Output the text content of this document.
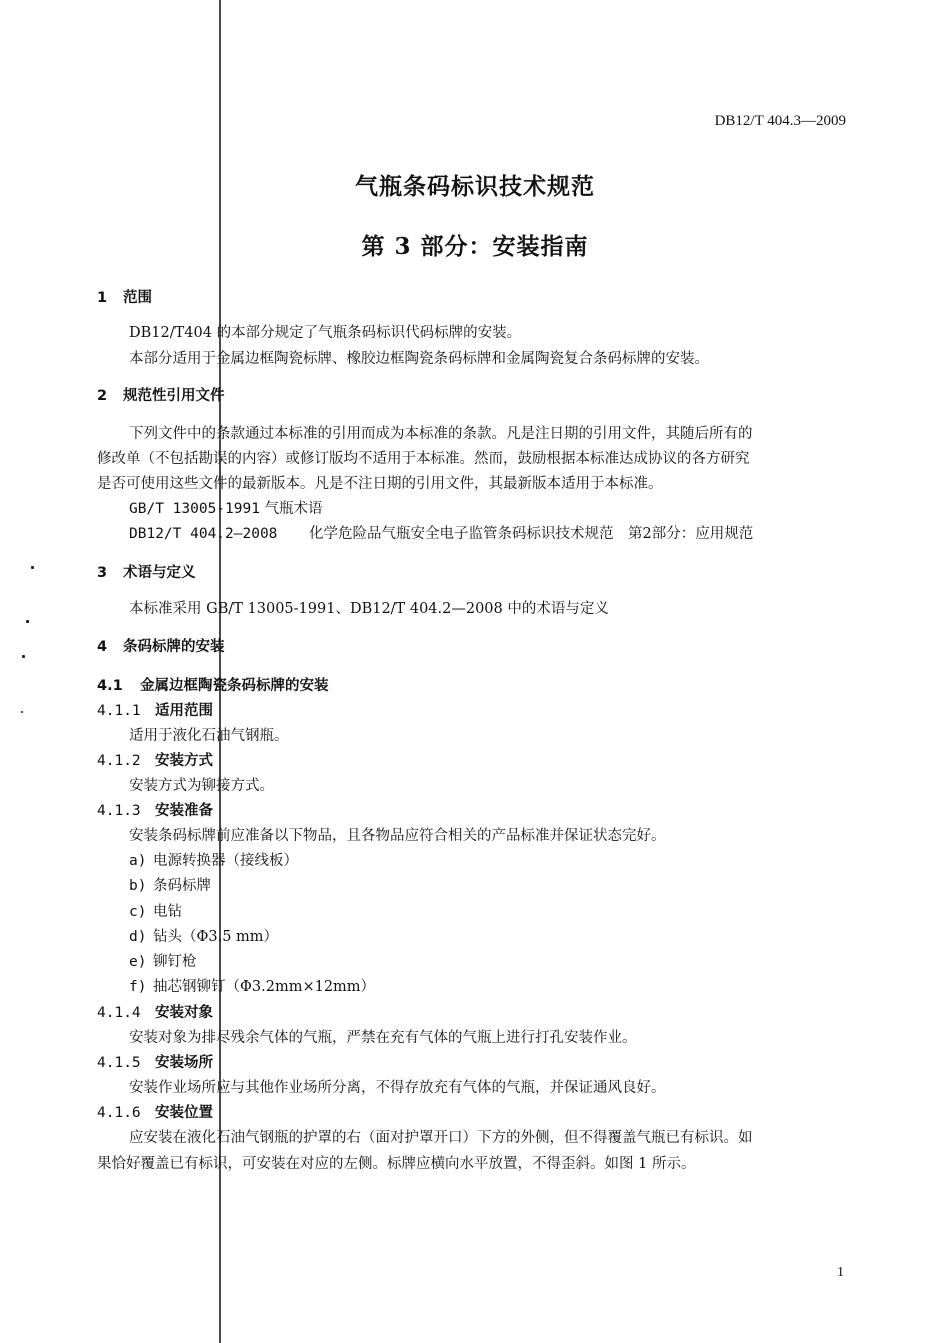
DB12/T 404.3—2009
气瓶条码标识技术规范
第 3 部分：安装指南
1 范围
DB12/T404 的本部分规定了气瓶条码标识代码标牌的安装。
本部分适用于金属边框陶瓷标牌、橡胶边框陶瓷条码标牌和金属陶瓷复合条码标牌的安装。
2 规范性引用文件
下列文件中的条款通过本标准的引用而成为本标准的条款。凡是注日期的引用文件，其随后所有的
修改单（不包括勘误的内容）或修订版均不适用于本标准。然而，鼓励根据本标准达成协议的各方研究
是否可使用这些文件的最新版本。凡是不注日期的引用文件，其最新版本适用于本标准。
GB/T 13005-1991 气瓶术语
DB12/T 404.2—2008 化学危险品气瓶安全电子监管条码标识技术规范　第2部分：应用规范
3 术语与定义
本标准采用 GB/T 13005-1991、DB12/T 404.2—2008 中的术语与定义
4 条码标牌的安装
4.1 金属边框陶瓷条码标牌的安装
4.1.1 适用范围
适用于液化石油气钢瓶。
4.1.2 安装方式
安装方式为铆接方式。
4.1.3 安装准备
安装条码标牌前应准备以下物品，且各物品应符合相关的产品标准并保证状态完好。
a) 电源转换器（接线板）
b) 条码标牌
c) 电钻
d) 钻头（Φ3.5 mm）
e) 铆钉枪
f) 抽芯钢铆钉（Φ3.2mm×12mm）
4.1.4 安装对象
安装对象为排尽残余气体的气瓶，严禁在充有气体的气瓶上进行打孔安装作业。
4.1.5 安装场所
安装作业场所应与其他作业场所分离，不得存放充有气体的气瓶，并保证通风良好。
4.1.6 安装位置
应安装在液化石油气钢瓶的护罩的右（面对护罩开口）下方的外侧，但不得覆盖气瓶已有标识。如
果恰好覆盖已有标识，可安装在对应的左侧。标牌应横向水平放置，不得歪斜。如图 1 所示。
1
